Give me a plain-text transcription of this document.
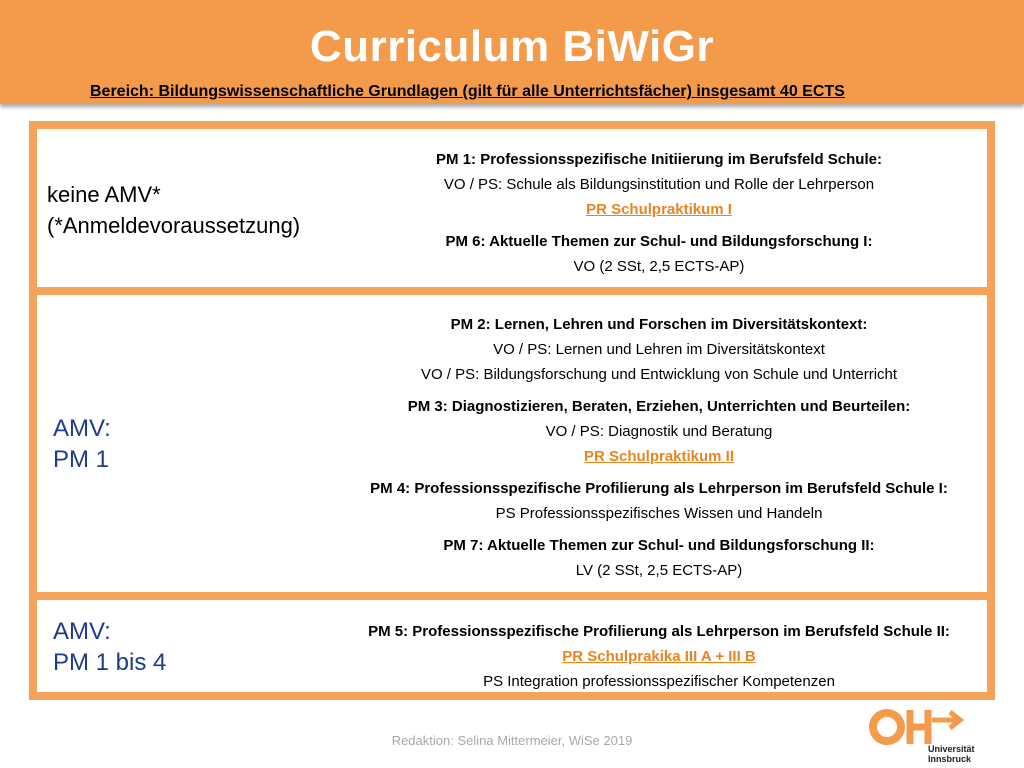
Curriculum BiWiGr
Bereich: Bildungswissenschaftliche Grundlagen (gilt für alle Unterrichtsfächer) insgesamt 40 ECTS
keine AMV*
(*Anmeldevoraussetzung)
PM 1: Professionsspezifische Initiierung im Berufsfeld Schule:
VO / PS: Schule als Bildungsinstitution und Rolle der Lehrperson
PR Schulpraktikum I
PM 6: Aktuelle Themen zur Schul- und Bildungsforschung I:
VO (2 SSt, 2,5 ECTS-AP)
AMV:
PM 1
PM 2: Lernen, Lehren und Forschen im Diversitätskontext:
VO / PS: Lernen und Lehren im Diversitätskontext
VO / PS: Bildungsforschung und Entwicklung von Schule und Unterricht
PM 3: Diagnostizieren, Beraten, Erziehen, Unterrichten und Beurteilen:
VO / PS: Diagnostik und Beratung
PR Schulpraktikum II
PM 4: Professionsspezifische Profilierung als Lehrperson im Berufsfeld Schule I:
PS Professionsspezifisches Wissen und Handeln
PM 7: Aktuelle Themen zur Schul- und Bildungsforschung II:
LV (2 SSt, 2,5 ECTS-AP)
AMV:
PM 1 bis 4
PM 5: Professionsspezifische Profilierung als Lehrperson im Berufsfeld Schule II:
PR Schulprakika III A + III B
PS Integration professionsspezifischer Kompetenzen
Redaktion: Selina Mittermeier, WiSe 2019
Universität
Innsbruck
